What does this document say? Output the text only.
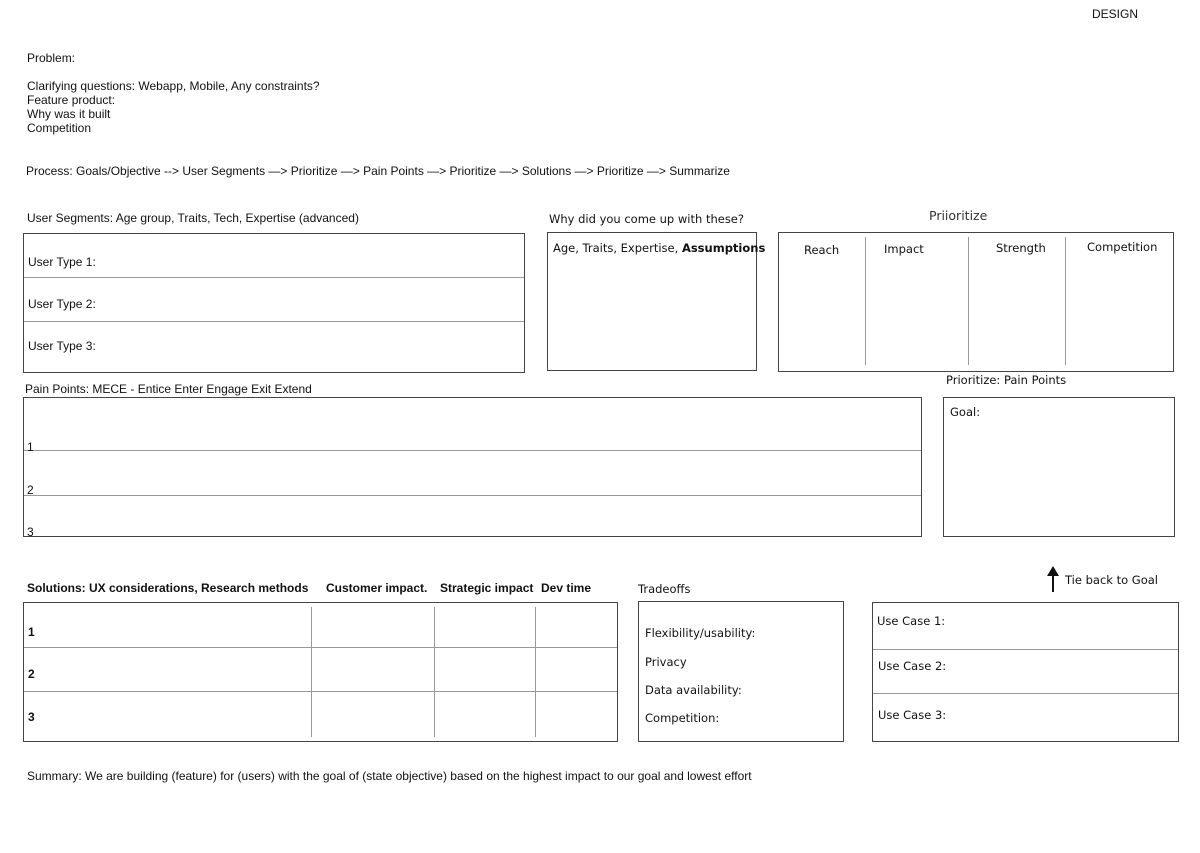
DESIGN
Problem:
Clarifying questions: Webapp, Mobile, Any constraints?
Feature product:
Why was it built
Competition
Process: Goals/Objective --> User Segments —> Prioritize —> Pain Points —> Prioritize —> Solutions —> Prioritize —> Summarize
User Segments: Age group, Traits, Tech, Expertise (advanced)
User Type 1:
User Type 2:
User Type 3:
Why did you come up with these?
Age, Traits, Expertise, Assumptions
Priioritize
Reach	Impact	Strength	Competition
Pain Points: MECE - Entice Enter Engage Exit Extend
1
2
3
Prioritize: Pain Points
Goal:
Solutions: UX considerations, Research methods Customer impact. Strategic impact Dev time
1
2
3
Tradeoffs
Flexibility/usability:
Privacy
Data availability:
Competition:
Tie back to Goal
Use Case 1:
Use Case 2:
Use Case 3:
Summary: We are building (feature) for (users) with the goal of (state objective) based on the highest impact to our goal and lowest effort
